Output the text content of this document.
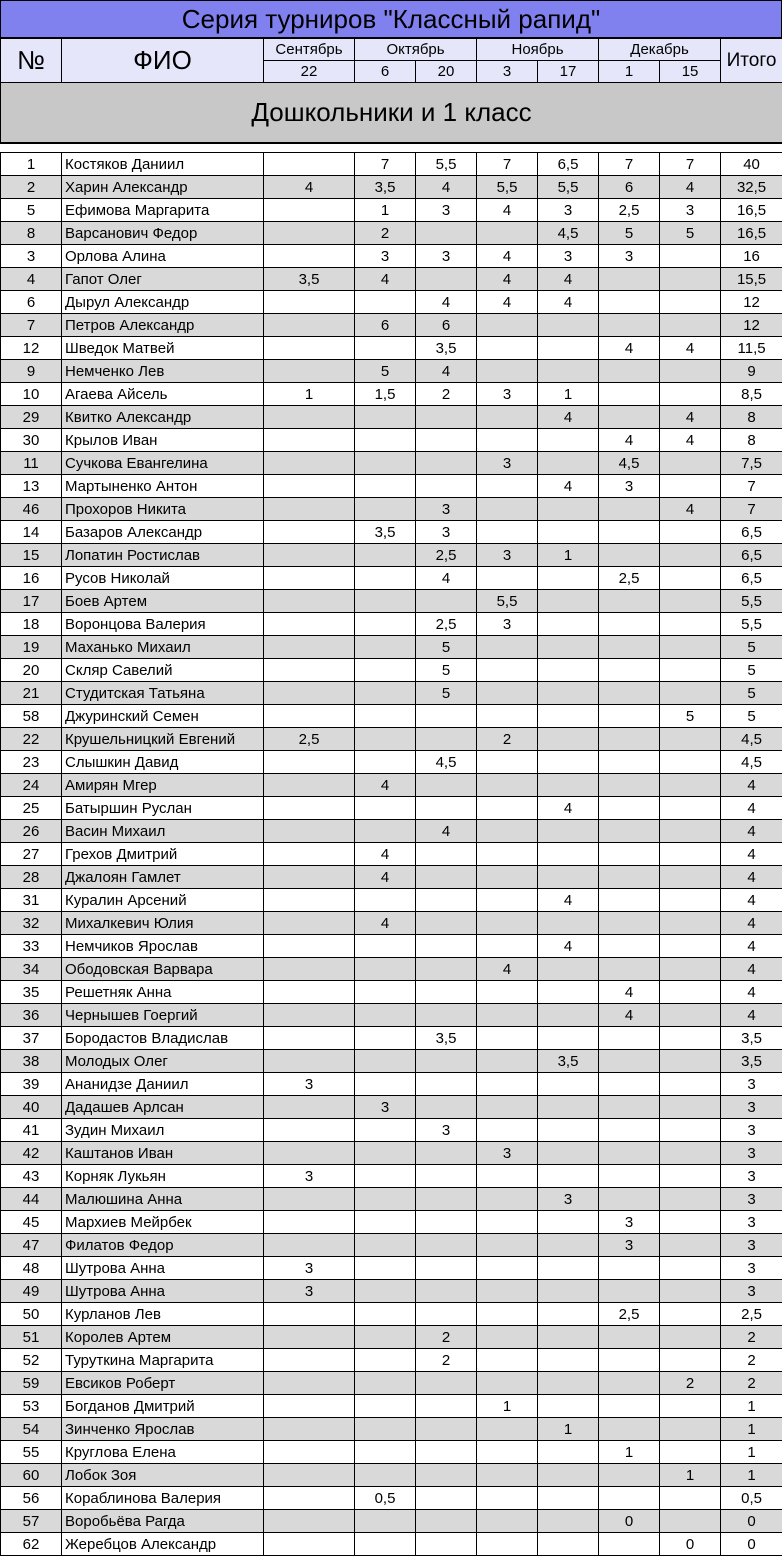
Серия турниров "Классный рапид"
№	ФИО	Сентябрь	Октябрь		Ноябрь		Декабрь		Итого
		22	6	20	3	17	1	15	
Дошкольники и 1 класс									

1	Костяков Даниил		7	5,5	7	6,5	7	7	40
2	Харин Александр	4	3,5	4	5,5	5,5	6	4	32,5
5	Ефимова Маргарита		1	3	4	3	2,5	3	16,5
8	Варсанович Федор		2			4,5	5	5	16,5
3	Орлова Алина		3	3	4	3	3		16
4	Гапот Олег	3,5	4		4	4			15,5
6	Дырул Александр			4	4	4			12
7	Петров Александр		6	6					12
12	Шведок Матвей			3,5			4	4	11,5
9	Немченко Лев		5	4					9
10	Агаева Айсель	1	1,5	2	3	1			8,5
29	Квитко Александр					4		4	8
30	Крылов Иван						4	4	8
11	Сучкова Евангелина				3		4,5		7,5
13	Мартыненко Антон					4	3		7
46	Прохоров Никита			3				4	7
14	Базаров Александр		3,5	3					6,5
15	Лопатин Ростислав			2,5	3	1			6,5
16	Русов Николай			4			2,5		6,5
17	Боев Артем				5,5				5,5
18	Воронцова Валерия			2,5	3				5,5
19	Маханько Михаил			5					5
20	Скляр Савелий			5					5
21	Студитская Татьяна			5					5
58	Джуринский Семен							5	5
22	Крушельницкий Евгений	2,5			2				4,5
23	Слышкин Давид			4,5					4,5
24	Амирян Мгер		4						4
25	Батыршин Руслан					4			4
26	Васин Михаил			4					4
27	Грехов Дмитрий		4						4
28	Джалоян Гамлет		4						4
31	Куралин Арсений					4			4
32	Михалкевич Юлия		4						4
33	Немчиков Ярослав					4			4
34	Ободовская Варвара				4				4
35	Решетняк Анна						4		4
36	Чернышев Гоергий						4		4
37	Бородастов Владислав			3,5					3,5
38	Молодых Олег					3,5			3,5
39	Ананидзе Даниил	3							3
40	Дадашев Арлсан		3						3
41	Зудин Михаил			3					3
42	Каштанов Иван				3				3
43	Корняк Лукьян	3							3
44	Малюшина Анна					3			3
45	Мархиев Мейрбек						3		3
47	Филатов Федор						3		3
48	Шутрова Анна	3							3
49	Шутрова Анна	3							3
50	Курланов Лев						2,5		2,5
51	Королев Артем			2					2
52	Туруткина Маргарита			2					2
59	Евсиков Роберт							2	2
53	Богданов Дмитрий				1				1
54	Зинченко Ярослав					1			1
55	Круглова Елена						1		1
60	Лобок Зоя							1	1
56	Кораблинова Валерия		0,5						0,5
57	Воробьёва Рагда						0		0
62	Жеребцов Александр							0	0
